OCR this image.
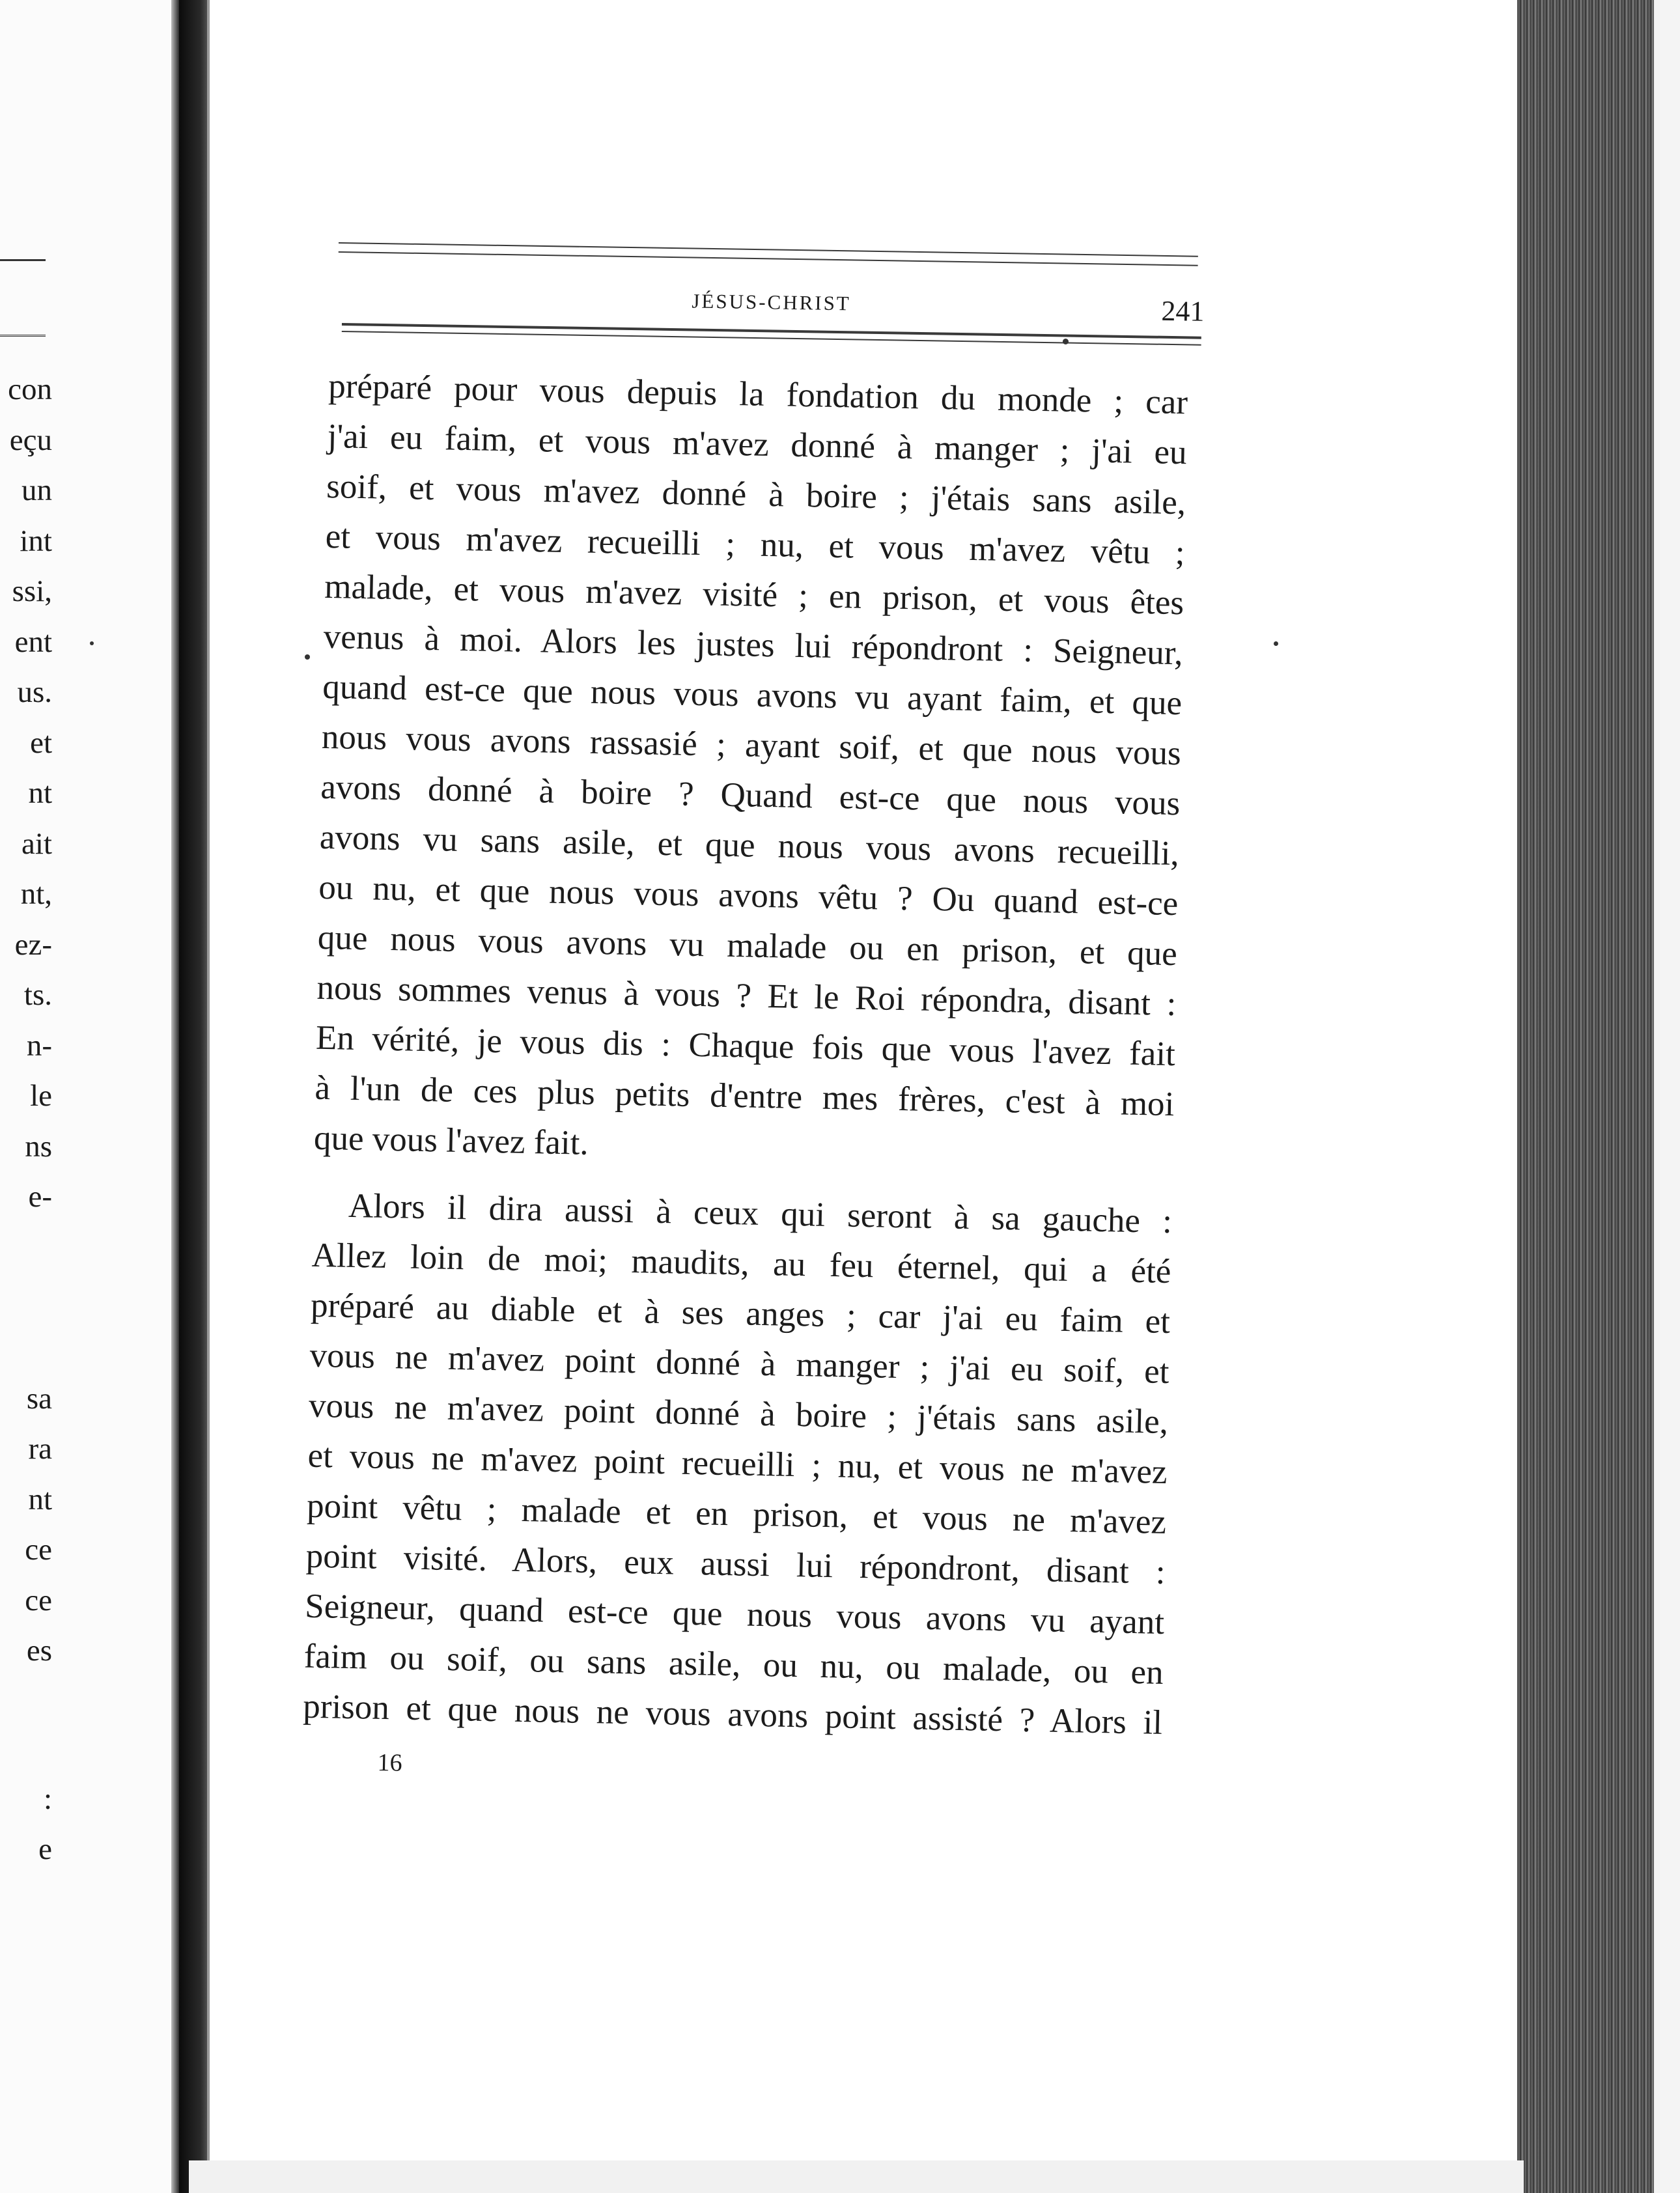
con
eçu
un
int
ssi,
ent
us.
et
nt
ait
nt,
ez-
ts.
n-
le
ns
e-
sa
ra
nt
ce
ce
es
:
e
JÉSUS-CHRIST	241
préparé pour vous depuis la fondation du monde ; car
j'ai eu faim, et vous m'avez donné à manger ; j'ai eu
soif, et vous m'avez donné à boire ; j'étais sans asile,
et vous m'avez recueilli ; nu, et vous m'avez vêtu ;
malade, et vous m'avez visité ; en prison, et vous êtes
venus à moi. Alors les justes lui répondront : Seigneur,
quand est-ce que nous vous avons vu ayant faim, et que
nous vous avons rassasié ; ayant soif, et que nous vous
avons donné à boire ? Quand est-ce que nous vous
avons vu sans asile, et que nous vous avons recueilli,
ou nu, et que nous vous avons vêtu ? Ou quand est-ce
que nous vous avons vu malade ou en prison, et que
nous sommes venus à vous ? Et le Roi répondra, disant :
En vérité, je vous dis : Chaque fois que vous l'avez fait
à l'un de ces plus petits d'entre mes frères, c'est à moi
que vous l'avez fait.
Alors il dira aussi à ceux qui seront à sa gauche :
Allez loin de moi; maudits, au feu éternel, qui a été
préparé au diable et à ses anges ; car j'ai eu faim et
vous ne m'avez point donné à manger ; j'ai eu soif, et
vous ne m'avez point donné à boire ; j'étais sans asile,
et vous ne m'avez point recueilli ; nu, et vous ne m'avez
point vêtu ; malade et en prison, et vous ne m'avez
point visité. Alors, eux aussi lui répondront, disant :
Seigneur, quand est-ce que nous vous avons vu ayant
faim ou soif, ou sans asile, ou nu, ou malade, ou en
prison et que nous ne vous avons point assisté ? Alors il
16
